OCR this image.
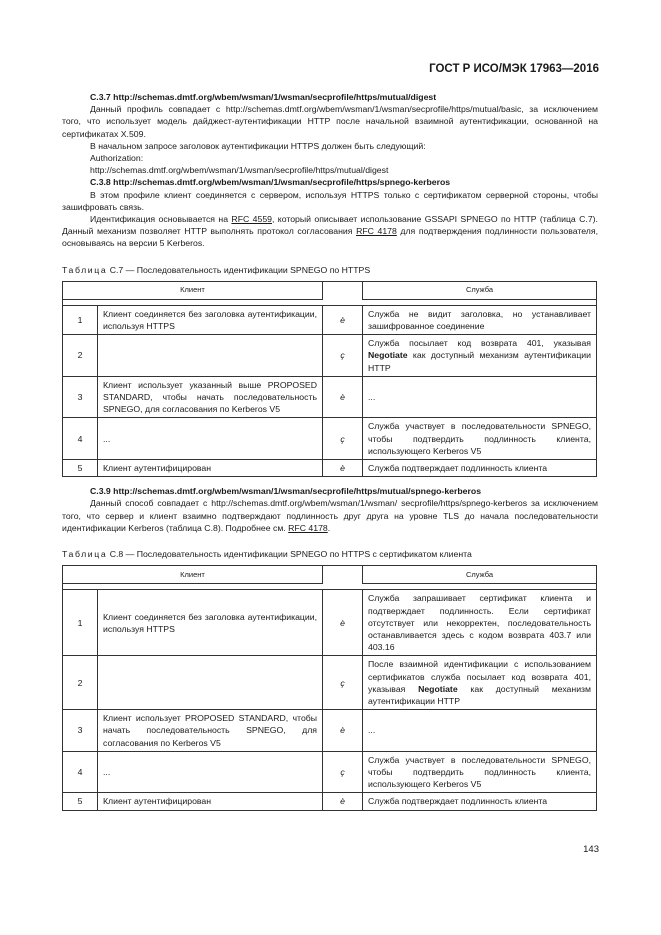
ГОСТ Р ИСО/МЭК 17963—2016
С.3.7 http://schemas.dmtf.org/wbem/wsman/1/wsman/secprofile/https/mutual/digest
Данный профиль совпадает с http://schemas.dmtf.org/wbem/wsman/1/wsman/secprofile/https/mutual/basic, за исключением того, что использует модель дайджест-аутентификации HTTP после начальной взаимной аутентификации, основанной на сертификатах X.509.
В начальном запросе заголовок аутентификации HTTPS должен быть следующий:
Authorization:
http://schemas.dmtf.org/wbem/wsman/1/wsman/secprofile/https/mutual/digest
С.3.8 http://schemas.dmtf.org/wbem/wsman/1/wsman/secprofile/https/spnego-kerberos
В этом профиле клиент соединяется с сервером, используя HTTPS только с сертификатом серверной стороны, чтобы зашифровать связь.
Идентификация основывается на RFC 4559, который описывает использование GSSAPI SPNEGO по HTTP (таблица С.7). Данный механизм позволяет HTTP выполнять протокол согласования RFC 4178 для подтверждения подлинности пользователя, основываясь на версии 5 Kerberos.
Таблица С.7 — Последовательность идентификации SPNEGO по HTTPS
Клиент			Служба

1	Клиент соединяется без заголовка аутентификации, используя HTTPS	è	Служба не видит заголовка, но устанавливает зашифрованное соединение
2		ç	Служба посылает код возврата 401, указывая Negotiate как доступный механизм аутентификации HTTP
3	Клиент использует указанный выше PROPOSED STANDARD, чтобы начать последовательность SPNEGO, для согласования по Kerberos V5	è	...
4	...	ç	Служба участвует в последовательности SPNEGO, чтобы подтвердить подлинность клиента, использующего Kerberos V5
5	Клиент аутентифицирован	è	Служба подтверждает подлинность клиента
С.3.9 http://schemas.dmtf.org/wbem/wsman/1/wsman/secprofile/https/mutual/spnego-kerberos
Данный способ совпадает с http://schemas.dmtf.org/wbem/wsman/1/wsman/ secprofile/https/spnego-kerberos за исключением того, что сервер и клиент взаимно подтверждают подлинность друг друга на уровне TLS до начала последовательности идентификации Kerberos (таблица С.8). Подробнее см. RFC 4178.
Таблица С.8 — Последовательность идентификации SPNEGO по HTTPS с сертификатом клиента
Клиент			Служба

1	Клиент соединяется без заголовка аутентификации, используя HTTPS	è	Служба запрашивает сертификат клиента и подтверждает подлинность. Если сертификат отсутствует или некорректен, последовательность останавливается здесь с кодом возврата 403.7 или 403.16
2		ç	После взаимной идентификации с использованием сертификатов служба посылает код возврата 401, указывая Negotiate как доступный механизм аутентификации HTTP
3	Клиент использует PROPOSED STANDARD, чтобы начать последовательность SPNEGO, для согласования по Kerberos V5	è	...
4	...	ç	Служба участвует в последовательности SPNEGO, чтобы подтвердить подлинность клиента, использующего Kerberos V5
5	Клиент аутентифицирован	è	Служба подтверждает подлинность клиента
143
